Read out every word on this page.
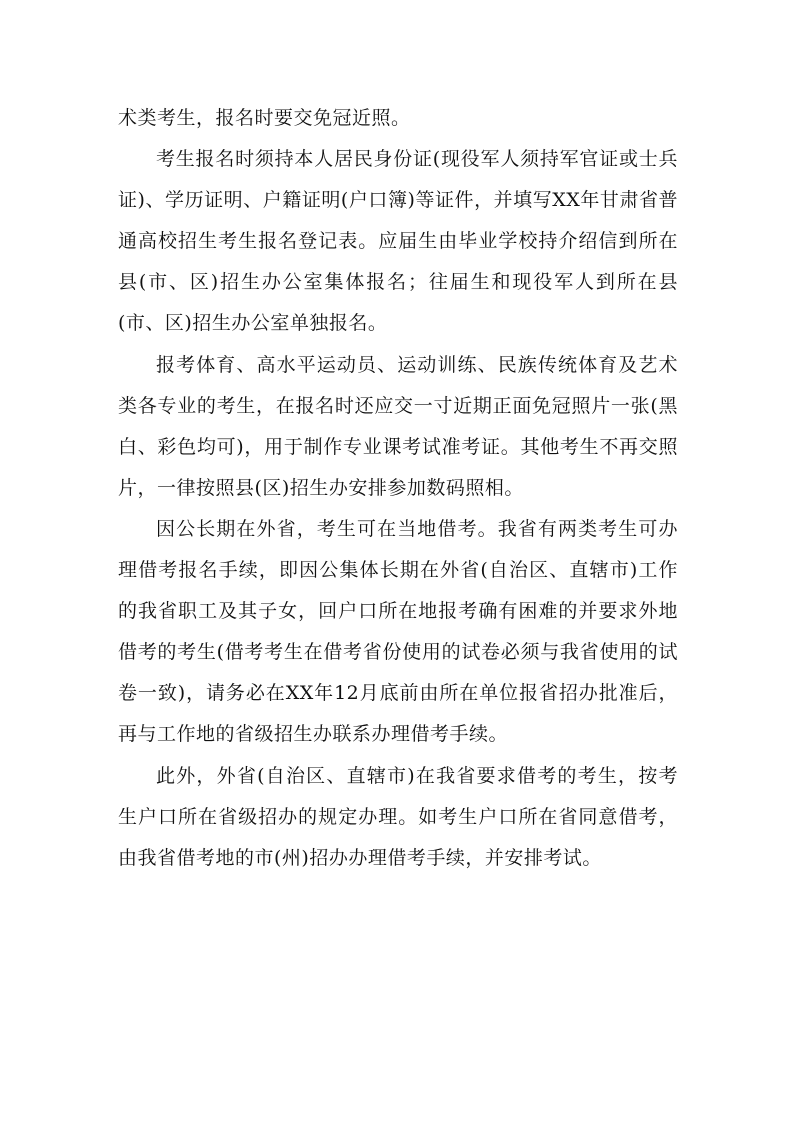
术类考生，报名时要交免冠近照。

考生报名时须持本人居民身份证(现役军人须持军官证或士兵证)、学历证明、户籍证明(户口簿)等证件，并填写XX年甘肃省普通高校招生考生报名登记表。应届生由毕业学校持介绍信到所在县(市、区)招生办公室集体报名；往届生和现役军人到所在县(市、区)招生办公室单独报名。

报考体育、高水平运动员、运动训练、民族传统体育及艺术类各专业的考生，在报名时还应交一寸近期正面免冠照片一张(黑白、彩色均可)，用于制作专业课考试准考证。其他考生不再交照片，一律按照县(区)招生办安排参加数码照相。

因公长期在外省，考生可在当地借考。我省有两类考生可办理借考报名手续，即因公集体长期在外省(自治区、直辖市)工作的我省职工及其子女，回户口所在地报考确有困难的并要求外地借考的考生(借考考生在借考省份使用的试卷必须与我省使用的试卷一致)，请务必在XX年12月底前由所在单位报省招办批准后，再与工作地的省级招生办联系办理借考手续。

此外，外省(自治区、直辖市)在我省要求借考的考生，按考生户口所在省级招办的规定办理。如考生户口所在省同意借考，由我省借考地的市(州)招办办理借考手续，并安排考试。
